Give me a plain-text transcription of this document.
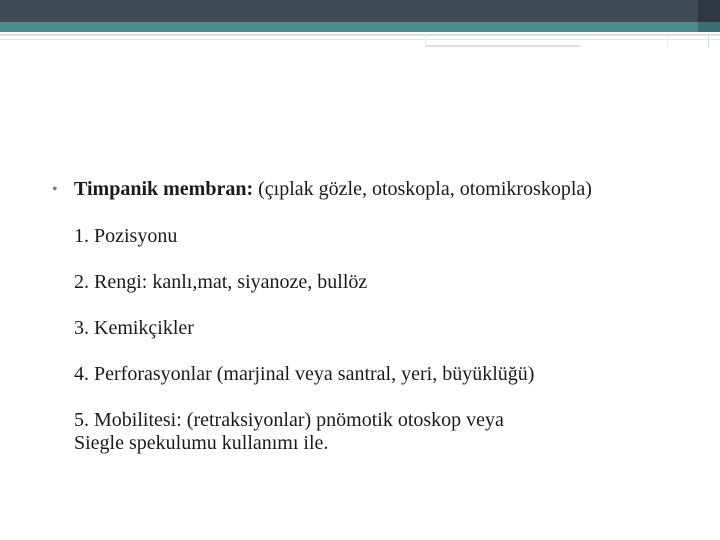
• Timpanik membran: (çıplak gözle, otoskopla, otomikroskopla)
1. Pozisyonu
2. Rengi: kanlı,mat, siyanoze, bullöz
3. Kemikçikler
4. Perforasyonlar (marjinal veya santral, yeri, büyüklüğü)
5. Mobilitesi: (retraksiyonlar) pnömotik otoskop veya Siegle spekulumu kullanımı ile.
